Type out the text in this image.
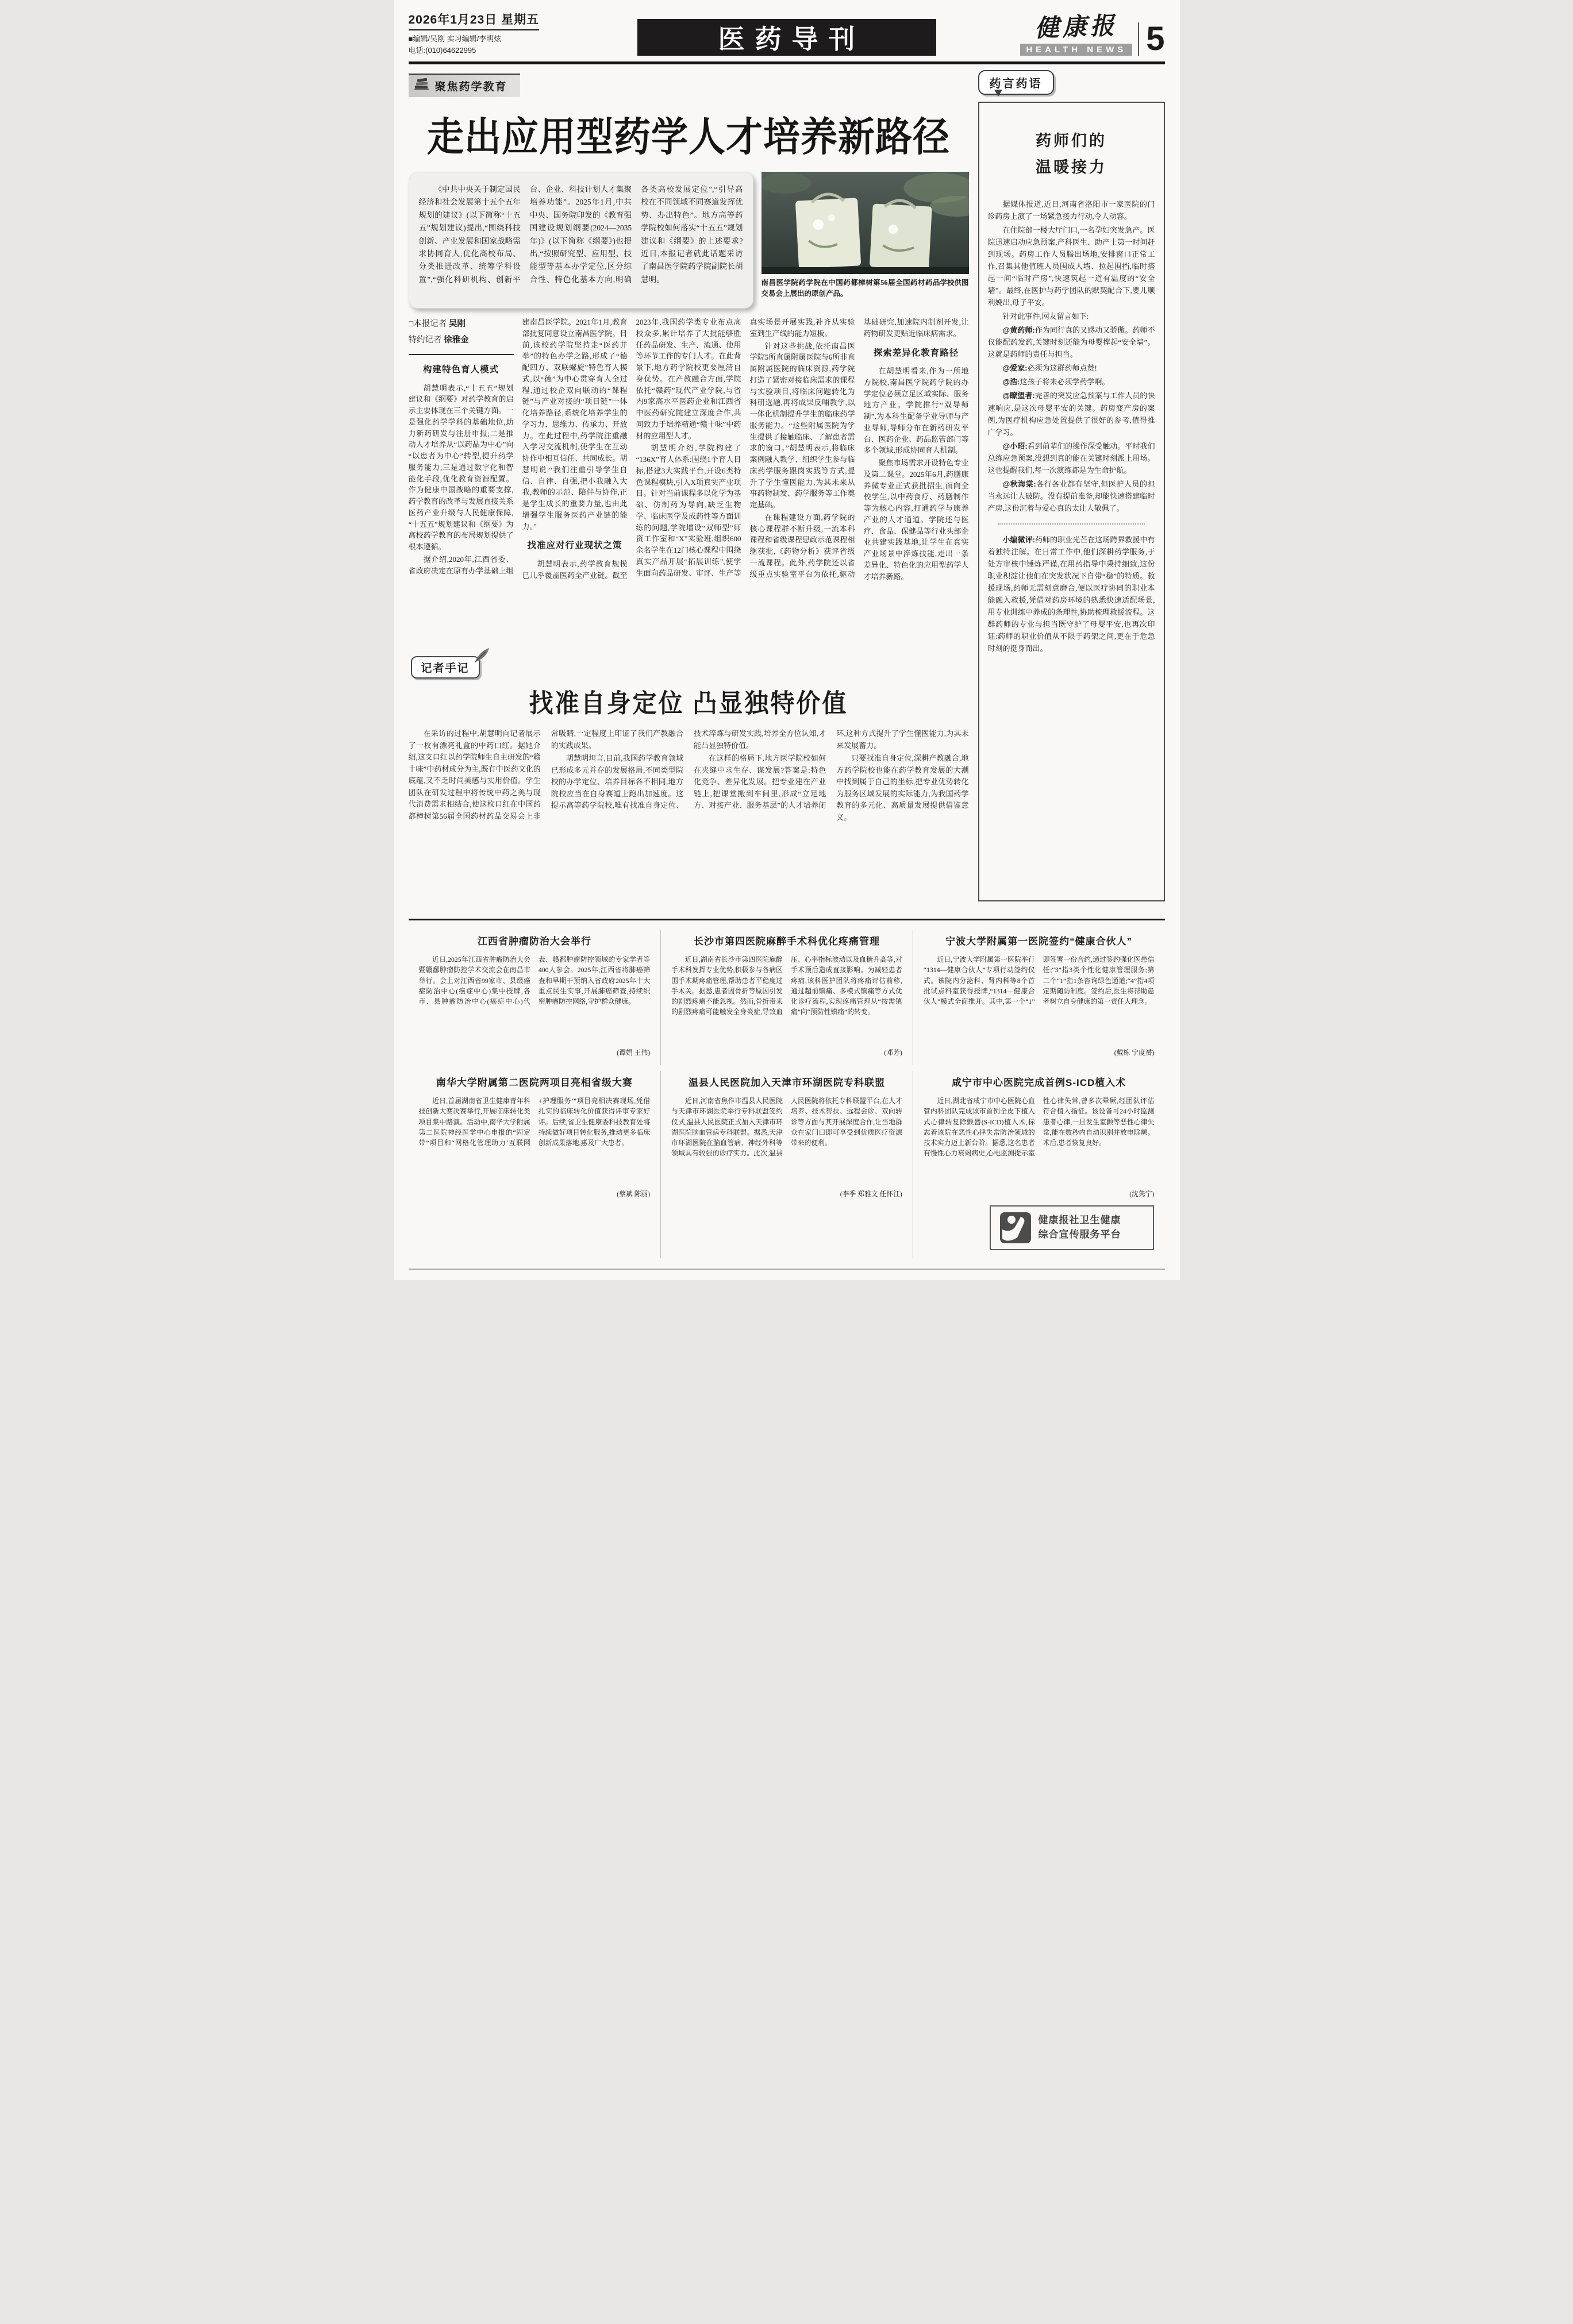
2026年1月23日 星期五
■编辑/吴刚 实习编辑/李明炫
电话:(010)64622995	医药导刊	健康报
HEALTH NEWS 5
聚焦药学教育
走出应用型药学人才培养新路径

《中共中央关于制定国民经济和社会发展第十五个五年规划的建议》(以下简称“十五五”规划建议)提出,“围绕科技创新、产业发展和国家战略需求协同育人,优化高校布局、分类推进改革、统筹学科设置”,“强化科研机构、创新平台、企业、科技计划人才集聚培养功能”。2025年1月,中共中央、国务院印发的《教育强国建设规划纲要(2024—2035年)》(以下简称《纲要》)也提出,“按照研究型、应用型、技能型等基本办学定位,区分综合性、特色化基本方向,明确各类高校发展定位”,“引导高校在不同领域不同赛道发挥优势、办出特色”。地方高等药学院校如何落实“十五五”规划建议和《纲要》的上述要求?近日,本报记者就此话题采访了南昌医学院药学院副院长胡慧明。	学校供图
南昌医学院药学院在中国药都樟树第56届全国药材药品交易会上展出的原创产品。
□本报记者 吴刚
特约记者 徐雅金
构建特色育人模式

胡慧明表示,“十五五”规划建议和《纲要》对药学教育的启示主要体现在三个关键方面。一是强化药学学科的基础地位,助力新药研发与注册申报;二是推动人才培养从“以药品为中心”向“以患者为中心”转型,提升药学服务能力;三是通过数字化和智能化手段,优化教育资源配置。作为健康中国战略的重要支撑,药学教育的改革与发展直接关系医药产业升级与人民健康保障,“十五五”规划建议和《纲要》为高校药学教育的布局规划提供了根本遵循。

据介绍,2020年,江西省委、省政府决定在原有办学基础上组建南昌医学院。2021年1月,教育部批复同意设立南昌医学院。目前,该校药学院坚持走“医药并举”的特色办学之路,形成了“德配四方、双联螺旋”特色育人模式,以“德”为中心贯穿育人全过程,通过校企双向联动的“课程链”与产业对接的“项目链”一体化培养路径,系统化培养学生的学习力、思维力、传承力、开放力。在此过程中,药学院注重融入学习交流机制,使学生在互动协作中相互信任、共同成长。胡慧明说:“我们注重引导学生自信、自律、自强,把小我融入大我,教师的示范、陪伴与协作,正是学生成长的重要力量,也由此增强学生服务医药产业链的能力。”

找准应对行业现状之策

胡慧明表示,药学教育规模已几乎覆盖医药全产业链。截至2023年,我国药学类专业布点高校众多,累计培养了大批能够胜任药品研发、生产、流通、使用等环节工作的专门人才。在此背景下,地方药学院校更要厘清自身优势。在产教融合方面,学院依托“赣药”现代产业学院,与省内9家高水平医药企业和江西省中医药研究院建立深度合作,共同致力于培养精通“赣十味”中药材的应用型人才。

胡慧明介绍,学院构建了“136X”育人体系:围绕1个育人目标,搭建3大实践平台,开设6类特色课程模块,引入X项真实产业项目。针对当前课程多以化学为基础、仿制药为导向,缺乏生物学、临床医学及成药性等方面训练的问题,学院增设“双师型”师资工作室和“X”实验班,组织600余名学生在12门核心课程中围绕真实产品开展“拓展训练”,使学生面向药品研发、审评、生产等真实场景开展实践,补齐从实验室到生产线的能力短板。

针对这些挑战,依托南昌医学院5所直属附属医院与6所非直属附属医院的临床资源,药学院打造了紧密对接临床需求的课程与实验项目,将临床问题转化为科研选题,再将成果反哺教学,以一体化机制提升学生的临床药学服务能力。“这些附属医院为学生提供了接触临床、了解患者需求的窗口。”胡慧明表示,将临床案例融入教学、组织学生参与临床药学服务跟岗实践等方式,提升了学生懂医能力,为其未来从事药物制发、药学服务等工作奠定基础。

在课程建设方面,药学院的核心课程群不断升级,一流本科课程和省级课程思政示范课程相继获批,《药物分析》获评省级一流课程。此外,药学院还以省级重点实验室平台为依托,驱动基础研究,加速院内制剂开发,让药物研发更贴近临床病需求。

探索差异化教育路径

在胡慧明看来,作为一所地方院校,南昌医学院药学院的办学定位必须立足区域实际、服务地方产业。学院推行“双导师制”,为本科生配备学业导师与产业导师,导师分布在新药研发平台、医药企业、药品监管部门等多个领域,形成协同育人机制。

聚焦市场需求开设特色专业及第二课堂。2025年6月,药膳康养微专业正式获批招生,面向全校学生,以中药食疗、药膳制作等为核心内容,打通药学与康养产业的人才通道。学院还与医疗、食品、保健品等行业头部企业共建实践基地,让学生在真实产业场景中淬炼技能,走出一条差异化、特色化的应用型药学人才培养新路。

记者手记
找准自身定位 凸显独特价值

在采访的过程中,胡慧明向记者展示了一枚有漂亮礼盒的中药口红。据她介绍,这支口红以药学院师生自主研发的“赣十味”中药材成分为主,既有中医药文化的底蕴,又不乏时尚美感与实用价值。学生团队在研发过程中将传统中药之美与现代消费需求相结合,使这枚口红在中国药都樟树第56届全国药材药品交易会上非常吸睛,一定程度上印证了我们产教融合的实践成果。

胡慧明坦言,目前,我国药学教育领域已形成多元并存的发展格局,不同类型院校的办学定位、培养目标各不相同,地方院校应当在自身赛道上跑出加速度。这提示高等药学院校,唯有找准自身定位、技术淬炼与研发实践,培养全方位认知,才能凸显独特价值。

在这样的格局下,地方医学院校如何在夹缝中求生存、谋发展?答案是:特色化竞争、差异化发展。把专业建在产业链上,把课堂搬到车间里,形成“立足地方、对接产业、服务基层”的人才培养闭环,这种方式提升了学生懂医能力,为其未来发展蓄力。

只要找准自身定位,深耕产教融合,地方药学院校也能在药学教育发展的大潮中找到属于自己的坐标,把专业优势转化为服务区域发展的实际能力,为我国药学教育的多元化、高质量发展提供借鉴意义。

药言药语
药师们的
温暖接力

据媒体报道,近日,河南省洛阳市一家医院的门诊药房上演了一场紧急接力行动,令人动容。

在住院部一楼大厅门口,一名孕妇突发急产。医院迅速启动应急预案,产科医生、助产士第一时间赶到现场。药房工作人员腾出场地,安排窗口正常工作,召集其他值班人员围成人墙、拉起围挡,临时搭起一间“临时产房”,快速筑起一道有温度的“安全墙”。最终,在医护与药学团队的默契配合下,婴儿顺利娩出,母子平安。

针对此事件,网友留言如下:

@黄药师:作为同行真的又感动又骄傲。药师不仅能配药发药,关键时刻还能为母婴撑起“安全墙”。这就是药师的责任与担当。

@爱家:必须为这群药师点赞!

@浩:这孩子将来必须学药学啊。

@瞭望者:完善的突发应急预案与工作人员的快速响应,是这次母婴平安的关键。药房变产房的案例,为医疗机构应急处置提供了很好的参考,值得推广学习。

@小昭:看到前辈们的操作深受触动。平时我们总练应急预案,没想到真的能在关键时刻派上用场。这也提醒我们,每一次演练都是为生命护航。

@秋海棠:各行各业都有坚守,但医护人员的担当永远让人破防。没有提前准备,却能快速搭建临时产房,这份沉着与爱心真的太让人敬佩了。

小编微评:药师的职业光芒在这场跨界救援中有着独特注解。在日常工作中,他们深耕药学服务,于处方审核中锤炼严谨,在用药指导中秉持细致,这份职业积淀让他们在突发状况下自带“稳”的特质。救援现场,药师无需刻意磨合,便以医疗协同的职业本能融入救援,凭借对药房环境的熟悉快速适配场景,用专业训练中养成的条理性,协助梳理救援流程。这群药师的专业与担当既守护了母婴平安,也再次印证:药师的职业价值从不限于药架之间,更在于危急时刻的挺身而出。

江西省肿瘤防治大会举行

近日,2025年江西省肿瘤防治大会暨赣鄱肿瘤防控学术交流会在南昌市举行。会上对江西省99家市、县级癌症防治中心(癌症中心)集中授牌,各市、县肿瘤防治中心(癌症中心)代表、赣鄱肿瘤防控领域的专家学者等400人参会。2025年,江西省将肺癌筛查和早期干预纳入省政府2025年十大重点民生实事,开展肺癌筛查,持续织密肿瘤防控网络,守护群众健康。

(谭娟 王伟)
长沙市第四医院麻醉手术科优化疼痛管理

近日,湖南省长沙市第四医院麻醉手术科发挥专业优势,积极参与各病区围手术期疼痛管理,帮助患者平稳度过手术关。据悉,患者因骨折等原因引发的剧烈疼痛不能忽视。然而,骨折带来的剧烈疼痛可能触发全身炎症,导致血压、心率指标波动以及血糖升高等,对手术预后造成直接影响。为减轻患者疼痛,该科医护团队将疼痛评估前移,通过超前镇痛、多模式镇痛等方式优化诊疗流程,实现疼痛管理从“按需镇痛”向“预防性镇痛”的转变。

(邓芳)
宁波大学附属第一医院签约“健康合伙人”

近日,宁波大学附属第一医院举行“1314—健康合伙人”专项行动签约仪式。该院内分泌科、肾内科等8个首批试点科室获得授牌,“1314—健康合伙人”模式全面推开。其中,第一个“1”即签署一份合约,通过签约强化医患信任;“3”指3类个性化健康管理服务;第二个“1”指1条咨询绿色通道;“4”指4项定期随访制度。签约后,医生将帮助患者树立自身健康的第一责任人理念。

(戴栋 宁度赟)
南华大学附属第二医院两项目亮相省级大赛

近日,首届湖南省卫生健康青年科技创新大赛决赛举行,开展临床转化类项目集中路演。活动中,南华大学附属第二医院神经医学中心申报的“固定带”项目和“网格化管理助力‘互联网+护理服务’”项目亮相决赛现场,凭借扎实的临床转化价值获得评审专家好评。后续,省卫生健康委科技教育处将持续做好项目转化服务,推动更多临床创新成果落地,惠及广大患者。

(蔡斌 陈丽)
温县人民医院加入天津市环湖医院专科联盟

近日,河南省焦作市温县人民医院与天津市环湖医院举行专科联盟签约仪式,温县人民医院正式加入天津市环湖医院脑血管病专科联盟。据悉,天津市环湖医院在脑血管病、神经外科等领域具有较强的诊疗实力。此次,温县人民医院将依托专科联盟平台,在人才培养、技术帮扶、远程会诊、双向转诊等方面与其开展深度合作,让当地群众在家门口即可享受到优质医疗资源带来的便利。

(李季 郑雅文 任怀江)
咸宁市中心医院完成首例S-ICD植入术

近日,湖北省咸宁市中心医院心血管内科团队完成该市首例全皮下植入式心律转复除颤器(S-ICD)植入术,标志着该院在恶性心律失常防治领域的技术实力迈上新台阶。据悉,这名患者有慢性心力衰竭病史,心电监测提示室性心律失常,曾多次晕厥,经团队评估符合植入指征。该设备可24小时监测患者心律,一旦发生室颤等恶性心律失常,能在数秒内自动识别并放电除颤。术后,患者恢复良好。

(沈隽宁)
健康报社卫生健康
综合宣传服务平台
